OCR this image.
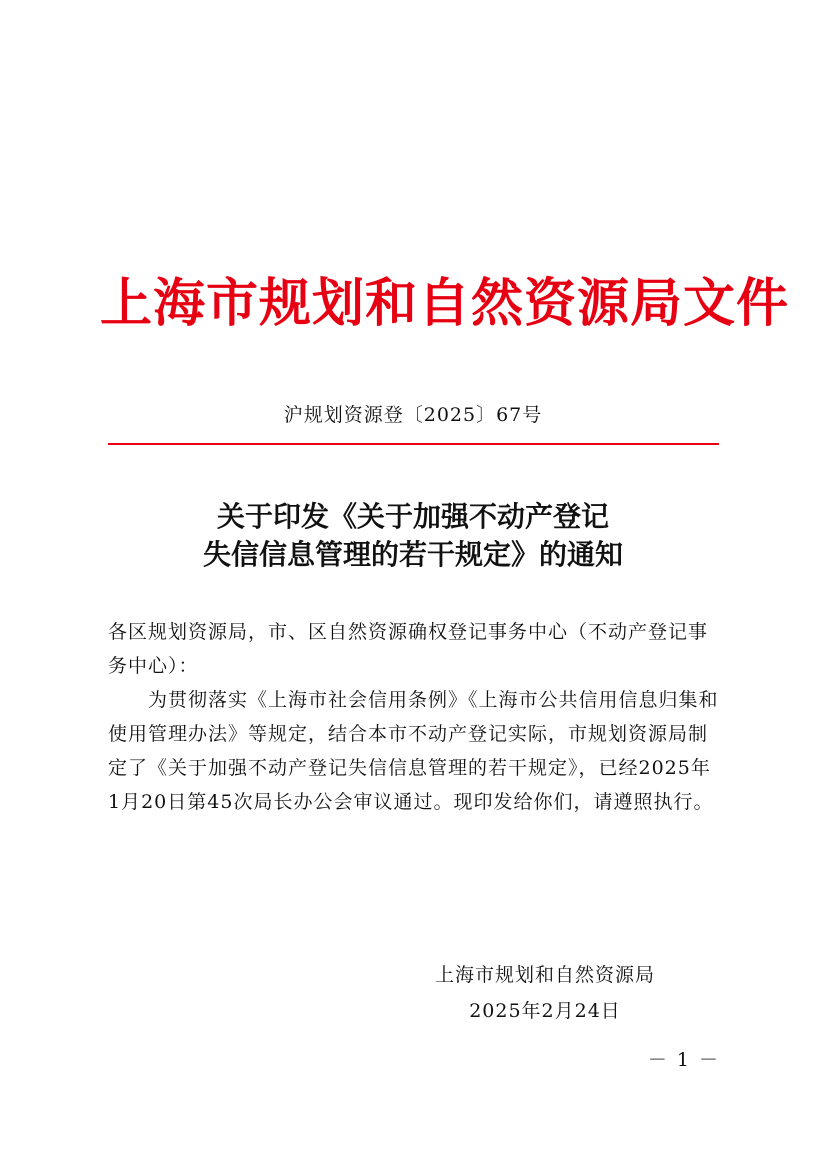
上海市规划和自然资源局文件
沪规划资源登〔2025〕67号
关于印发《关于加强不动产登记
失信信息管理的若干规定》的通知
各区规划资源局，市、区自然资源确权登记事务中心（不动产登记事务中心）：
为贯彻落实《上海市社会信用条例》《上海市公共信用信息归集和使用管理办法》等规定，结合本市不动产登记实际，市规划资源局制定了《关于加强不动产登记失信信息管理的若干规定》，已经2025年1月20日第45次局长办公会审议通过。现印发给你们，请遵照执行。
上海市规划和自然资源局
2025年2月24日
－ 1 －
